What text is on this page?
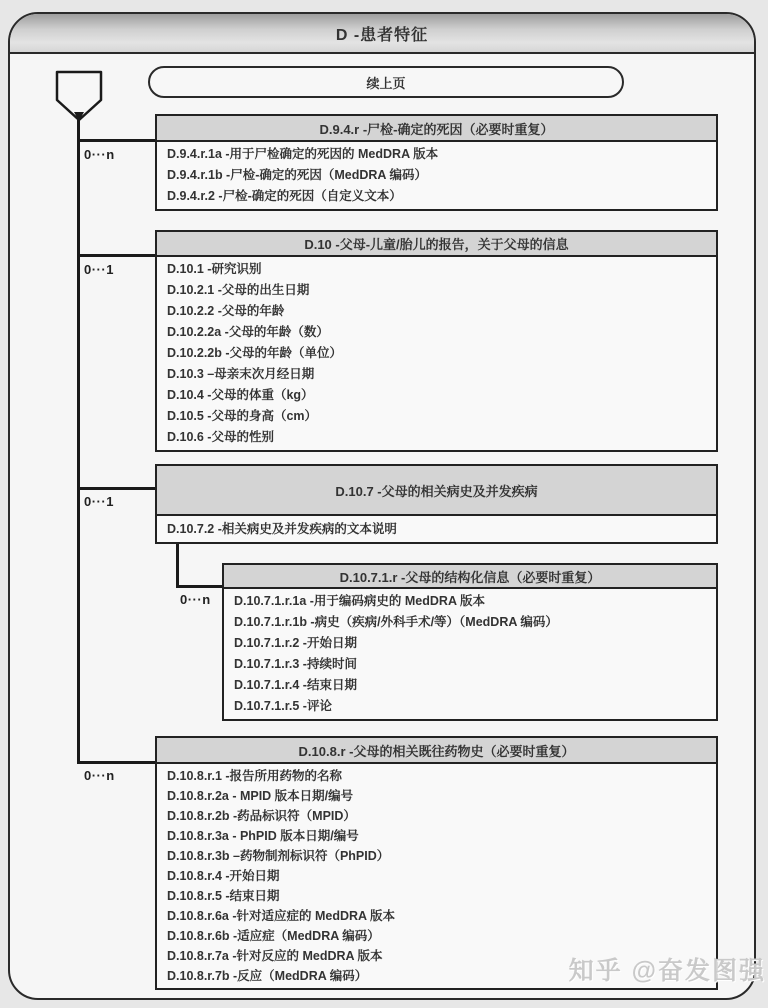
D -患者特征
续上页
0···n
0···1
0···1
0···n
0···n
D.9.4.r -尸检-确定的死因（必要时重复）
D.9.4.r.1a -用于尸检确定的死因的 MedDRA 版本
D.9.4.r.1b -尸检-确定的死因（MedDRA 编码）
D.9.4.r.2 -尸检-确定的死因（自定义文本）
D.10 -父母-儿童/胎儿的报告，关于父母的信息
D.10.1 -研究识别
D.10.2.1 -父母的出生日期
D.10.2.2 -父母的年龄
D.10.2.2a -父母的年龄（数）
D.10.2.2b -父母的年龄（单位）
D.10.3 –母亲末次月经日期
D.10.4 -父母的体重（kg）
D.10.5 -父母的身高（cm）
D.10.6 -父母的性别
D.10.7 -父母的相关病史及并发疾病
D.10.7.2 -相关病史及并发疾病的文本说明
D.10.7.1.r -父母的结构化信息（必要时重复）
D.10.7.1.r.1a -用于编码病史的 MedDRA 版本
D.10.7.1.r.1b -病史（疾病/外科手术/等）（MedDRA 编码）
D.10.7.1.r.2 -开始日期
D.10.7.1.r.3 -持续时间
D.10.7.1.r.4 -结束日期
D.10.7.1.r.5 -评论
D.10.8.r -父母的相关既往药物史（必要时重复）
D.10.8.r.1 -报告所用药物的名称
D.10.8.r.2a - MPID 版本日期/编号
D.10.8.r.2b -药品标识符（MPID）
D.10.8.r.3a - PhPID 版本日期/编号
D.10.8.r.3b –药物制剂标识符（PhPID）
D.10.8.r.4 -开始日期
D.10.8.r.5 -结束日期
D.10.8.r.6a -针对适应症的 MedDRA 版本
D.10.8.r.6b -适应症（MedDRA 编码）
D.10.8.r.7a -针对反应的 MedDRA 版本
D.10.8.r.7b -反应（MedDRA 编码）	知乎 @奋发图强
